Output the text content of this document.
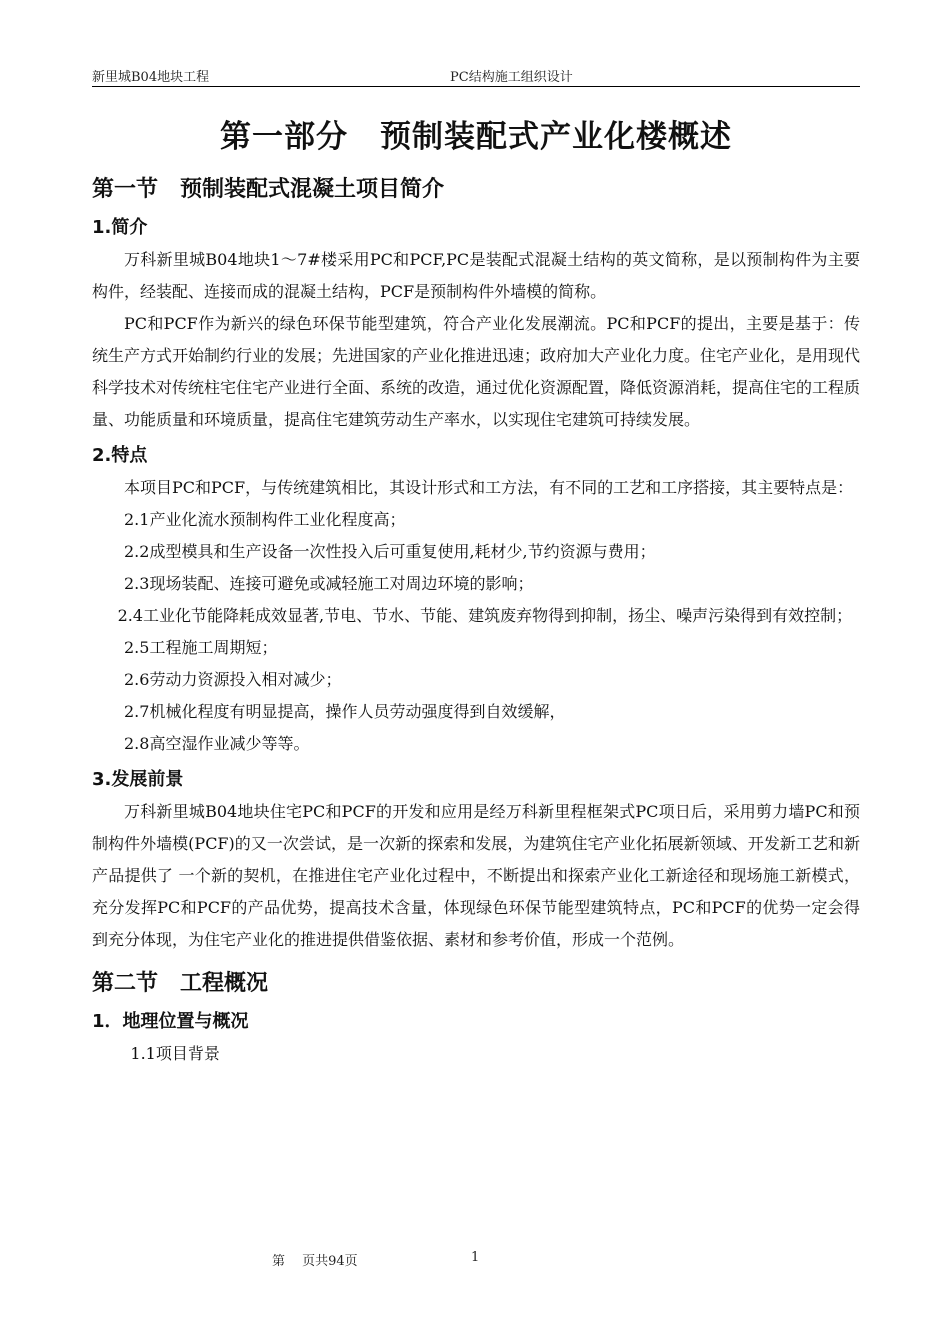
新里城B04地块工程	PC结构施工组织设计
第一部分　预制装配式产业化楼概述
第一节　预制装配式混凝土项目简介
1.简介

万科新里城B04地块1～7#楼采用PC和PCF,PC是装配式混凝土结构的英文简称，是以预制构件为主要构件，经装配、连接而成的混凝土结构，PCF是预制构件外墙模的简称。

PC和PCF作为新兴的绿色环保节能型建筑，符合产业化发展潮流。PC和PCF的提出，主要是基于：传统生产方式开始制约行业的发展；先进国家的产业化推进迅速；政府加大产业化力度。住宅产业化，是用现代科学技术对传统柱宅住宅产业进行全面、系统的改造，通过优化资源配置，降低资源消耗，提高住宅的工程质量、功能质量和环境质量，提高住宅建筑劳动生产率水，以实现住宅建筑可持续发展。

2.特点

本项目PC和PCF，与传统建筑相比，其设计形式和工方法，有不同的工艺和工序搭接，其主要特点是：

2.1产业化流水预制构件工业化程度高；

2.2成型模具和生产设备一次性投入后可重复使用,耗材少,节约资源与费用；

2.3现场装配、连接可避免或减轻施工对周边环境的影响；

2.4工业化节能降耗成效显著,节电、节水、节能、建筑废弃物得到抑制，扬尘、噪声污染得到有效控制；

2.5工程施工周期短；

2.6劳动力资源投入相对减少；

2.7机械化程度有明显提高，操作人员劳动强度得到自效缓解，

2.8高空湿作业减少等等。

3.发展前景

万科新里城B04地块住宅PC和PCF的开发和应用是经万科新里程框架式PC项日后，采用剪力墙PC和预制构件外墙模(PCF)的又一次尝试，是一次新的探索和发展，为建筑住宅产业化拓展新领域、开发新工艺和新产品提供了 一个新的契机，在推进住宅产业化过程中，不断提出和探索产业化工新途径和现场施工新模式，充分发挥PC和PCF的产品优势，提高技术含量，体现绿色环保节能型建筑特点，PC和PCF的优势一定会得到充分体现，为住宅产业化的推进提供借鉴依据、素材和参考价值，形成一个范例。

第二节　工程概况
1．地理位置与概况

1.1项目背景

第　 页共94页	1
